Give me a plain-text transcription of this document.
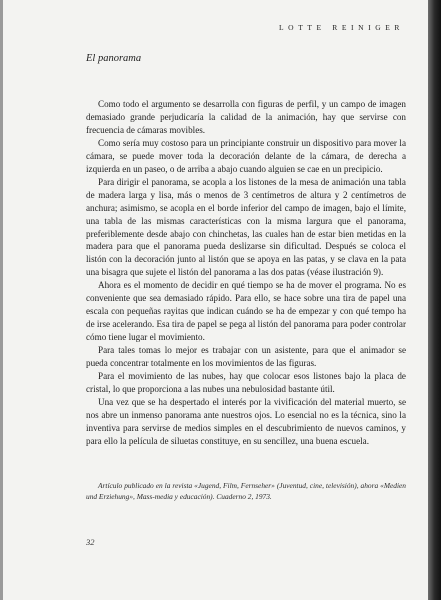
LOTTE REINIGER
El panorama

Como todo el argumento se desarrolla con figuras de perfil, y un campo de imagen demasiado grande perjudicaría la calidad de la animación, hay que servirse con frecuencia de cámaras movibles.

Como sería muy costoso para un principiante construir un dispositivo para mover la cámara, se puede mover toda la decoración delante de la cámara, de derecha a izquierda en un paseo, o de arriba a abajo cuando alguien se cae en un precipicio.

Para dirigir el panorama, se acopla a los listones de la mesa de animación una tabla de madera larga y lisa, más o menos de 3 centímetros de altura y 2 centímetros de anchura; asimismo, se acopla en el borde inferior del campo de imagen, bajo el límite, una tabla de las mismas características con la misma largura que el panorama, preferiblemente desde abajo con chinchetas, las cuales han de estar bien metidas en la madera para que el panorama pueda deslizarse sin dificultad. Después se coloca el listón con la decoración junto al listón que se apoya en las patas, y se clava en la pata una bisagra que sujete el listón del panorama a las dos patas (véase ilustración 9).

Ahora es el momento de decidir en qué tiempo se ha de mover el programa. No es conveniente que sea demasiado rápido. Para ello, se hace sobre una tira de papel una escala con pequeñas rayitas que indican cuándo se ha de empezar y con qué tempo ha de irse acelerando. Esa tira de papel se pega al listón del panorama para poder controlar cómo tiene lugar el movimiento.

Para tales tomas lo mejor es trabajar con un asistente, para que el animador se pueda concentrar totalmente en los movimientos de las figuras.

Para el movimiento de las nubes, hay que colocar esos listones bajo la placa de cristal, lo que proporciona a las nubes una nebulosidad bastante útil.

Una vez que se ha despertado el interés por la vivificación del material muerto, se nos abre un inmenso panorama ante nuestros ojos. Lo esencial no es la técnica, sino la inventiva para servirse de medios simples en el descubrimiento de nuevos caminos, y para ello la película de siluetas constituye, en su sencillez, una buena escuela.

Artículo publicado en la revista «Jugend, Film, Fernseher» (Juventud, cine, televisión), ahora «Medien und Erziehung», Mass-media y educación). Cuaderno 2, 1973.
32
